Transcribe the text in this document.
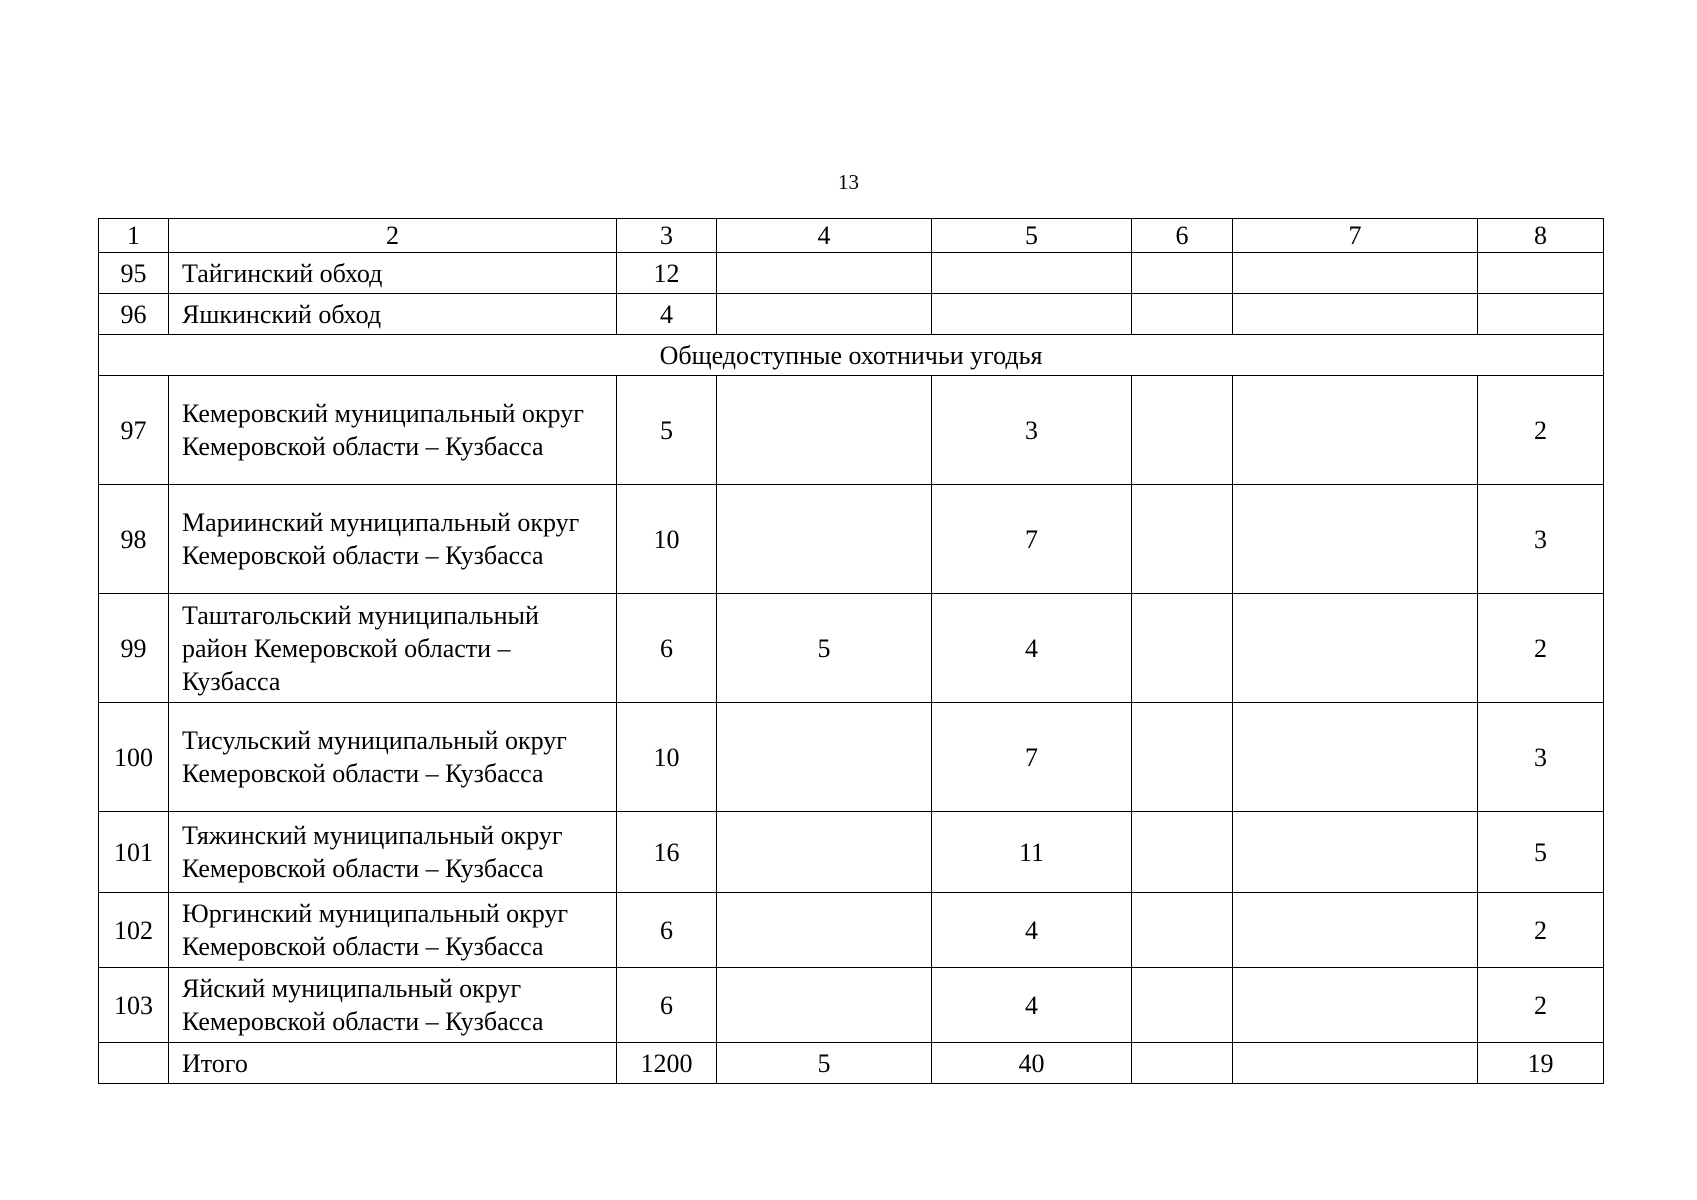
13
1	2	3	4	5	6	7	8
95	Тайгинский обход	12					
96	Яшкинский обход	4					
Общедоступные охотничьи угодья							
97	Кемеровский муниципальный округ Кемеровской области – Кузбасса	5		3			2
98	Мариинский муниципальный округ Кемеровской области – Кузбасса	10		7			3
99	Таштагольский муниципальный район Кемеровской области – Кузбасса	6	5	4			2
100	Тисульский муниципальный округ Кемеровской области – Кузбасса	10		7			3
101	Тяжинский муниципальный округ Кемеровской области – Кузбасса	16		11			5
102	Юргинский муниципальный округ Кемеровской области – Кузбасса	6		4			2
103	Яйский муниципальный округ Кемеровской области – Кузбасса	6		4			2
	Итого	1200	5	40			19
